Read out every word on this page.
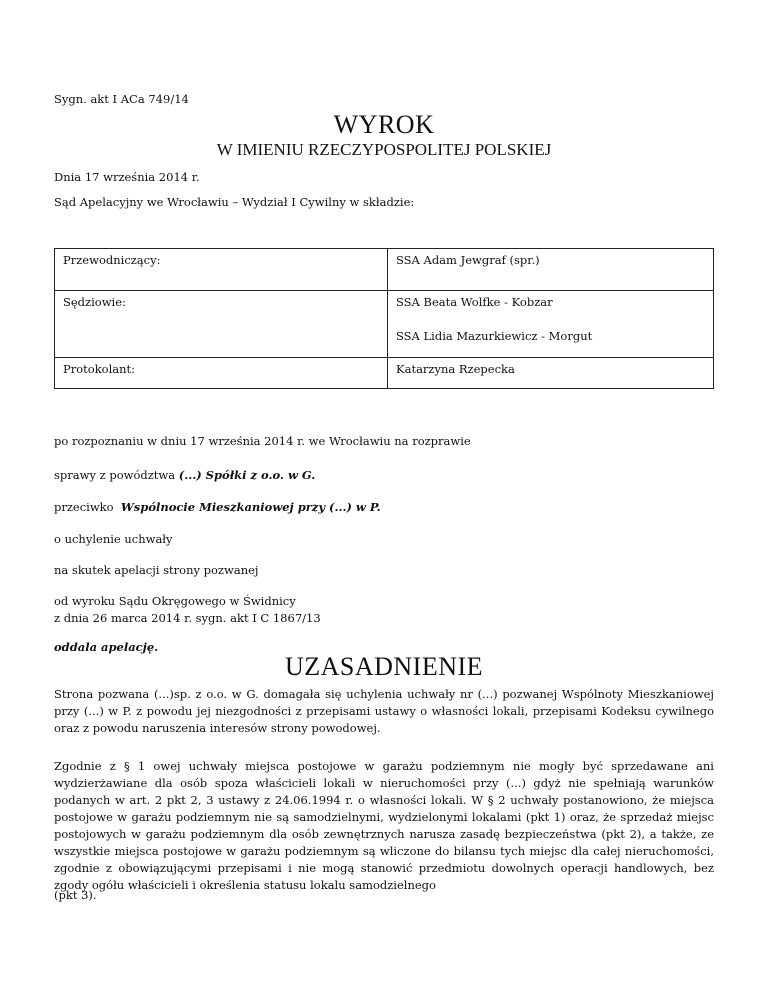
Sygn. akt I ACa 749/14
WYROK
W IMIENIU RZECZYPOSPOLITEJ POLSKIEJ
Dnia 17 września 2014 r.
Sąd Apelacyjny we Wrocławiu – Wydział I Cywilny w składzie:
Przewodniczący:	SSA Adam Jewgraf (spr.)

Sędziowie:	SSA Beata Wolfke - Kobzar
SSA Lidia Mazurkiewicz - Morgut

Protokolant:	Katarzyna Rzepecka
po rozpoznaniu w dniu 17 września 2014 r. we Wrocławiu na rozprawie
sprawy z powództwa (...) Spółki z o.o. w G.
przeciwko  Wspólnocie Mieszkaniowej przy (...) w P.
o uchylenie uchwały
na skutek apelacji strony pozwanej
od wyroku Sądu Okręgowego w Świdnicy
z dnia 26 marca 2014 r. sygn. akt I C 1867/13
oddala apelację.
UZASADNIENIE
Strona pozwana (...)sp. z o.o. w G. domagała się uchylenia uchwały nr (...) pozwanej Wspólnoty Mieszkaniowej przy (...) w P. z powodu jej niezgodności z przepisami ustawy o własności lokali, przepisami Kodeksu cywilnego oraz z powodu naruszenia interesów strony powodowej.
Zgodnie z § 1 owej uchwały miejsca postojowe w garażu podziemnym nie mogły być sprzedawane ani wydzierżawiane dla osób spoza właścicieli lokali w nieruchomości przy (...) gdyż nie spełniają warunków podanych w art. 2 pkt 2, 3 ustawy z 24.06.1994 r. o własności lokali. W § 2 uchwały postanowiono, że miejsca postojowe w garażu podziemnym nie są samodzielnymi, wydzielonymi lokalami (pkt 1) oraz, że sprzedaż miejsc postojowych w garażu podziemnym dla osób zewnętrznych narusza zasadę bezpieczeństwa (pkt 2), a także, ze wszystkie miejsca postojowe w garażu podziemnym są wliczone do bilansu tych miejsc dla całej nieruchomości, zgodnie z obowiązującymi przepisami i nie mogą stanowić przedmiotu dowolnych operacji handlowych, bez zgody ogółu właścicieli i określenia statusu lokalu samodzielnego
(pkt 3).
